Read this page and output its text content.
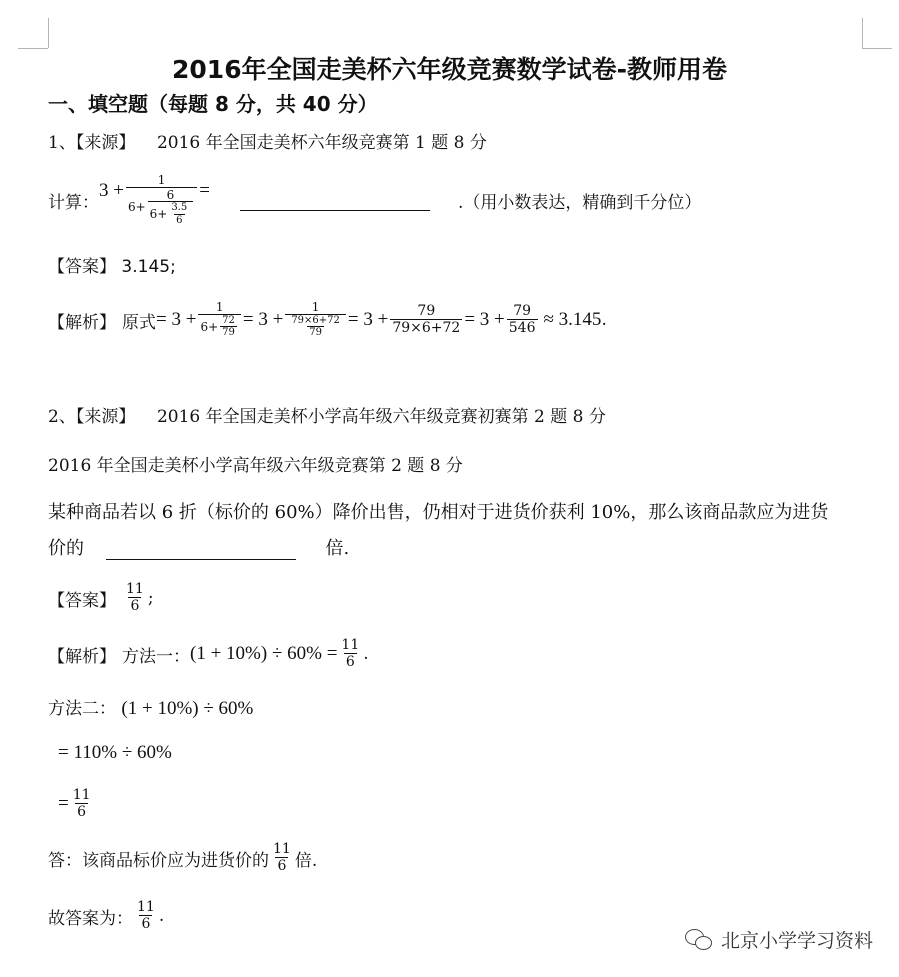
2016年全国走美杯六年级竞赛数学试卷-教师用卷
一、填空题（每题 8 分，共 40 分）
1、【来源】 2016 年全国走美杯六年级竞赛第 1 题 8 分
计算：
3 +
1
$6+ \frac{6}{6+ \frac{3.5}{6}}$ =
.（用小数表达，精确到千分位）
【答案】 3.145;
【解析】 原式 = $3 + \frac{1}{6+ \frac{72}{79}} = 3 + \frac{1}{\frac{79\times 6+72}{79}} = 3 + \frac{79}{79\times 6+72} = 3 + \frac{79}{546} \approx 3.145$ .
2、【来源】 2016 年全国走美杯小学高年级六年级竞赛初赛第 2 题 8 分
2016 年全国走美杯小学高年级六年级竞赛第 2 题 8 分
某种商品若以 6 折（标价的 60%）降价出售，仍相对于进货价获利 10%，那么该商品款应为进货
价的	倍.
【答案】 $\frac{11}{6}$ ;
【解析】 方法一： $(1 + 10\%) \div 60\% = \frac{11}{6}$ .
方法二： (1 + 10%) ÷ 60%
= 110% ÷ 60%
= $\frac{11}{6}$
答：该商品标价应为进货价的 $\frac{11}{6}$ 倍.
故答案为： $\frac{11}{6}$ .
北京小学学习资料
